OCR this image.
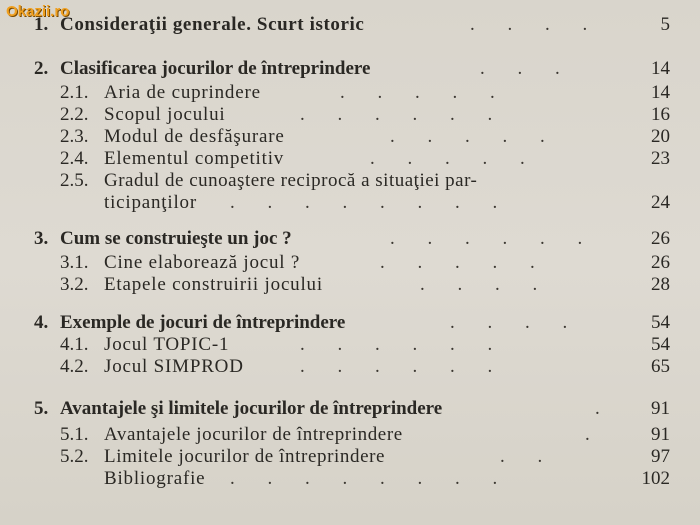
Okazii.ro
1. Consideraţii generale. Scurt istoric	. . . .	5
2. Clasificarea jocurilor de întreprindere	. . .	14
2.1. Aria de cuprindere	. . . . .	14
2.2. Scopul jocului	. . . . . .	16
2.3. Modul de desfăşurare	. . . . .	20
2.4. Elementul competitiv	. . . . .	23
2.5. Gradul de cunoaştere reciprocă a situaţiei par-
ticipanţilor . . . . . . . .	24
3. Cum se construieşte un joc ?	. . . . . .	26
3.1. Cine elaborează jocul ?	. . . . .	26
3.2. Etapele construirii jocului	. . . .	28
4. Exemple de jocuri de întreprindere	. . . .	54
4.1. Jocul TOPIC-1	. . . . . .	54
4.2. Jocul SIMPROD	. . . . . .	65
5. Avantajele şi limitele jocurilor de întreprindere	.	91
5.1. Avantajele jocurilor de întreprindere	.	91
5.2. Limitele jocurilor de întreprindere	. .	97
Bibliografie . . . . . . . .	102
